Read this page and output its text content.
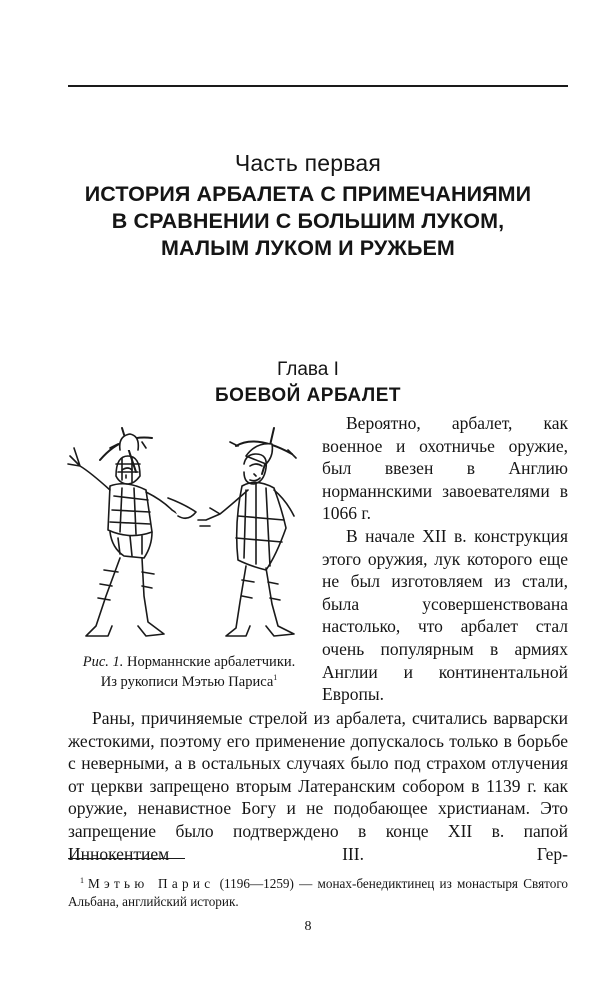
Часть первая
ИСТОРИЯ АРБАЛЕТА С ПРИМЕЧАНИЯМИ
В СРАВНЕНИИ С БОЛЬШИМ ЛУКОМ,
МАЛЫМ ЛУКОМ И РУЖЬЕМ
Глава I
БОЕВОЙ АРБАЛЕТ
Рис. 1. Норманнские арбалетчики.
Из рукописи Мэтью Париса$^1$

Вероятно, арбалет, как военное и охотничье оружие, был ввезен в Англию норманнскими завоевателями в 1066 г.

В начале XII в. конструкция этого оружия, лук которого еще не был изготовляем из стали, была усовершенствована настолько, что арбалет стал очень популярным в армиях Англии и континентальной Европы.

Раны, причиняемые стрелой из арбалета, считались варварски жестокими, поэтому его применение допускалось только в борьбе с неверными, а в остальных случаях было под страхом отлучения от церкви запрещено вторым Латеранским собором в 1139 г. как оружие, ненавистное Богу и не подобающее христианам. Это запрещение было подтверждено в конце XII в. папой Иннокентием III. Гер-

$^1$ Мэтью Парис (1196—1259) — монах-бенедиктинец из монастыря Святого Альбана, английский историк.
8
